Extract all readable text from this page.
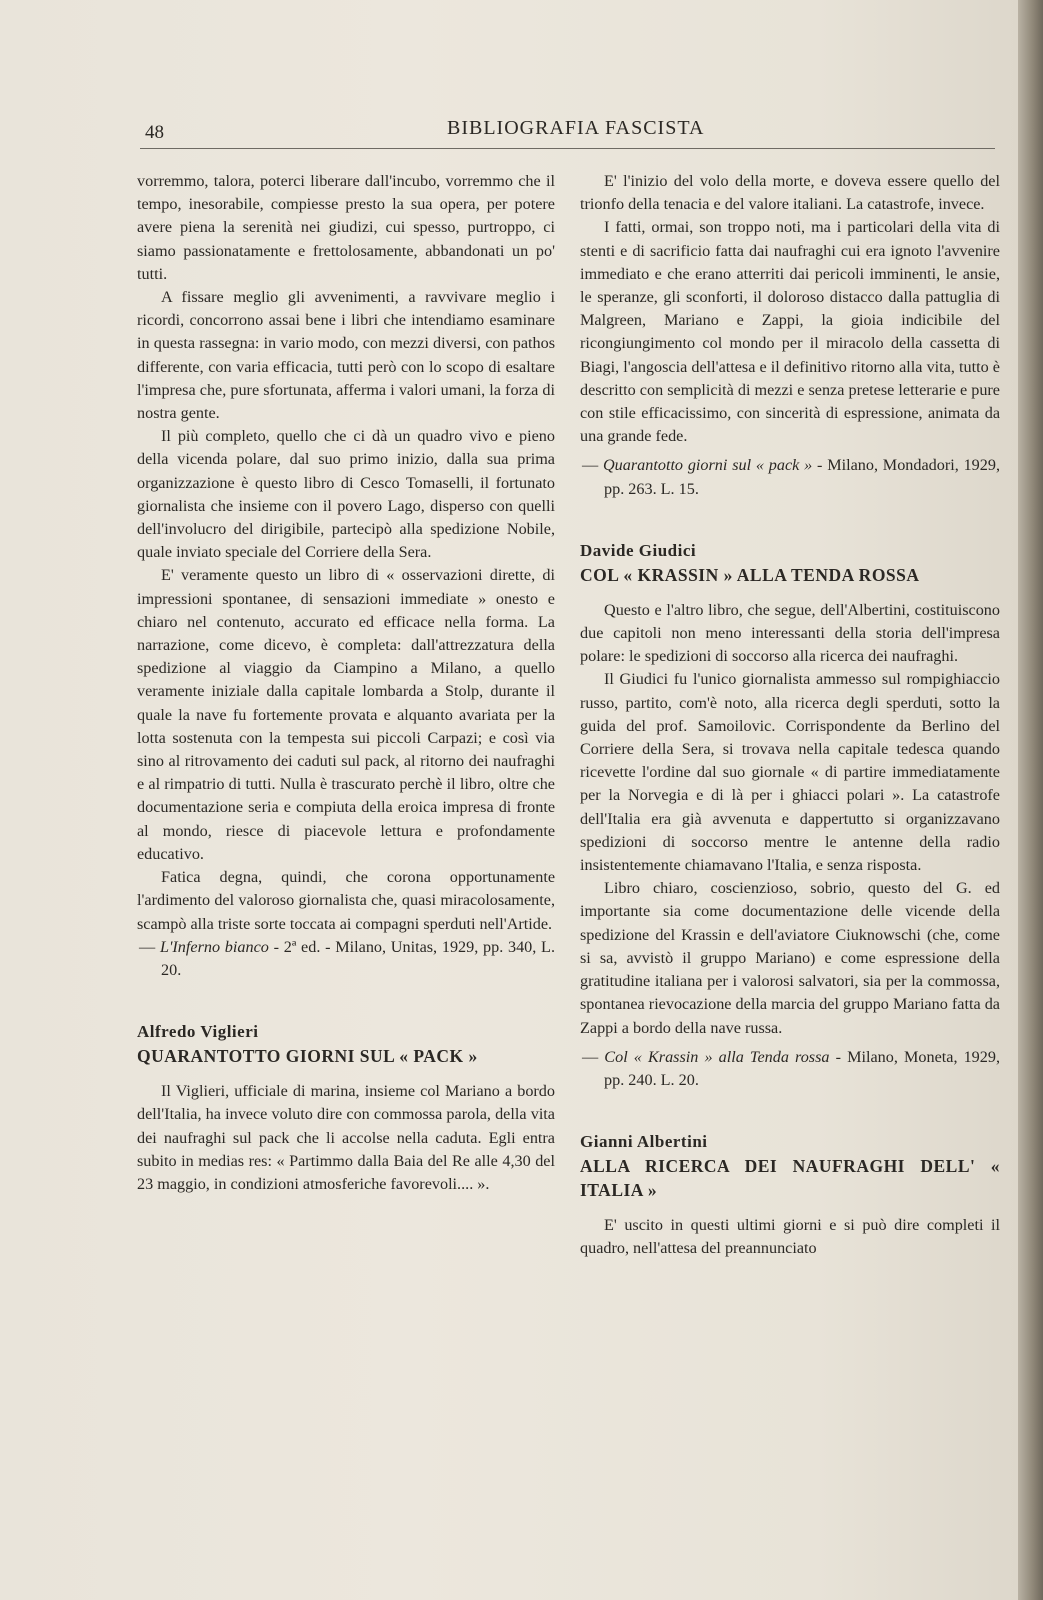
48	BIBLIOGRAFIA FASCISTA

vorremmo, talora, poterci liberare dall'incubo, vorremmo che il tempo, inesorabile, compiesse presto la sua opera, per potere avere piena la serenità nei giudizi, cui spesso, purtroppo, ci siamo passionatamente e frettolosamente, abbandonati un po' tutti.

A fissare meglio gli avvenimenti, a ravvivare meglio i ricordi, concorrono assai bene i libri che intendiamo esaminare in questa rassegna: in vario modo, con mezzi diversi, con pathos differente, con varia efficacia, tutti però con lo scopo di esaltare l'impresa che, pure sfortunata, afferma i valori umani, la forza di nostra gente.

Il più completo, quello che ci dà un quadro vivo e pieno della vicenda polare, dal suo primo inizio, dalla sua prima organizzazione è questo libro di Cesco Tomaselli, il fortunato giornalista che insieme con il povero Lago, disperso con quelli dell'involucro del dirigibile, partecipò alla spedizione Nobile, quale inviato speciale del Corriere della Sera.

E' veramente questo un libro di « osservazioni dirette, di impressioni spontanee, di sensazioni immediate » onesto e chiaro nel contenuto, accurato ed efficace nella forma. La narrazione, come dicevo, è completa: dall'attrezzatura della spedizione al viaggio da Ciampino a Milano, a quello veramente iniziale dalla capitale lombarda a Stolp, durante il quale la nave fu fortemente provata e alquanto avariata per la lotta sostenuta con la tempesta sui piccoli Carpazi; e così via sino al ritrovamento dei caduti sul pack, al ritorno dei naufraghi e al rimpatrio di tutti. Nulla è trascurato perchè il libro, oltre che documentazione seria e compiuta della eroica impresa di fronte al mondo, riesce di piacevole lettura e profondamente educativo.

Fatica degna, quindi, che corona opportunamente l'ardimento del valoroso giornalista che, quasi miracolosamente, scampò alla triste sorte toccata ai compagni sperduti nell'Artide.

— L'Inferno bianco - 2ª ed. - Milano, Unitas, 1929, pp. 340, L. 20.

Alfredo Viglieri
QUARANTOTTO GIORNI SUL « PACK »

Il Viglieri, ufficiale di marina, insieme col Mariano a bordo dell'Italia, ha invece voluto dire con commossa parola, della vita dei naufraghi sul pack che li accolse nella caduta. Egli entra subito in medias res: « Partimmo dalla Baia del Re alle 4,30 del 23 maggio, in condizioni atmosferiche favorevoli.... ».

E' l'inizio del volo della morte, e doveva essere quello del trionfo della tenacia e del valore italiani. La catastrofe, invece.

I fatti, ormai, son troppo noti, ma i particolari della vita di stenti e di sacrificio fatta dai naufraghi cui era ignoto l'avvenire immediato e che erano atterriti dai pericoli imminenti, le ansie, le speranze, gli sconforti, il doloroso distacco dalla pattuglia di Malgreen, Mariano e Zappi, la gioia indicibile del ricongiungimento col mondo per il miracolo della cassetta di Biagi, l'angoscia dell'attesa e il definitivo ritorno alla vita, tutto è descritto con semplicità di mezzi e senza pretese letterarie e pure con stile efficacissimo, con sincerità di espressione, animata da una grande fede.

— Quarantotto giorni sul « pack » - Milano, Mondadori, 1929, pp. 263. L. 15.

Davide Giudici
COL « KRASSIN » ALLA TENDA ROSSA

Questo e l'altro libro, che segue, dell'Albertini, costituiscono due capitoli non meno interessanti della storia dell'impresa polare: le spedizioni di soccorso alla ricerca dei naufraghi.

Il Giudici fu l'unico giornalista ammesso sul rompighiaccio russo, partito, com'è noto, alla ricerca degli sperduti, sotto la guida del prof. Samoilovic. Corrispondente da Berlino del Corriere della Sera, si trovava nella capitale tedesca quando ricevette l'ordine dal suo giornale « di partire immediatamente per la Norvegia e di là per i ghiacci polari ». La catastrofe dell'Italia era già avvenuta e dappertutto si organizzavano spedizioni di soccorso mentre le antenne della radio insistentemente chiamavano l'Italia, e senza risposta.

Libro chiaro, coscienzioso, sobrio, questo del G. ed importante sia come documentazione delle vicende della spedizione del Krassin e dell'aviatore Ciuknowschi (che, come si sa, avvistò il gruppo Mariano) e come espressione della gratitudine italiana per i valorosi salvatori, sia per la commossa, spontanea rievocazione della marcia del gruppo Mariano fatta da Zappi a bordo della nave russa.

— Col « Krassin » alla Tenda rossa - Milano, Moneta, 1929, pp. 240. L. 20.

Gianni Albertini
ALLA RICERCA DEI NAUFRAGHI DELL' « ITALIA »

E' uscito in questi ultimi giorni e si può dire completi il quadro, nell'attesa del preannunciato
